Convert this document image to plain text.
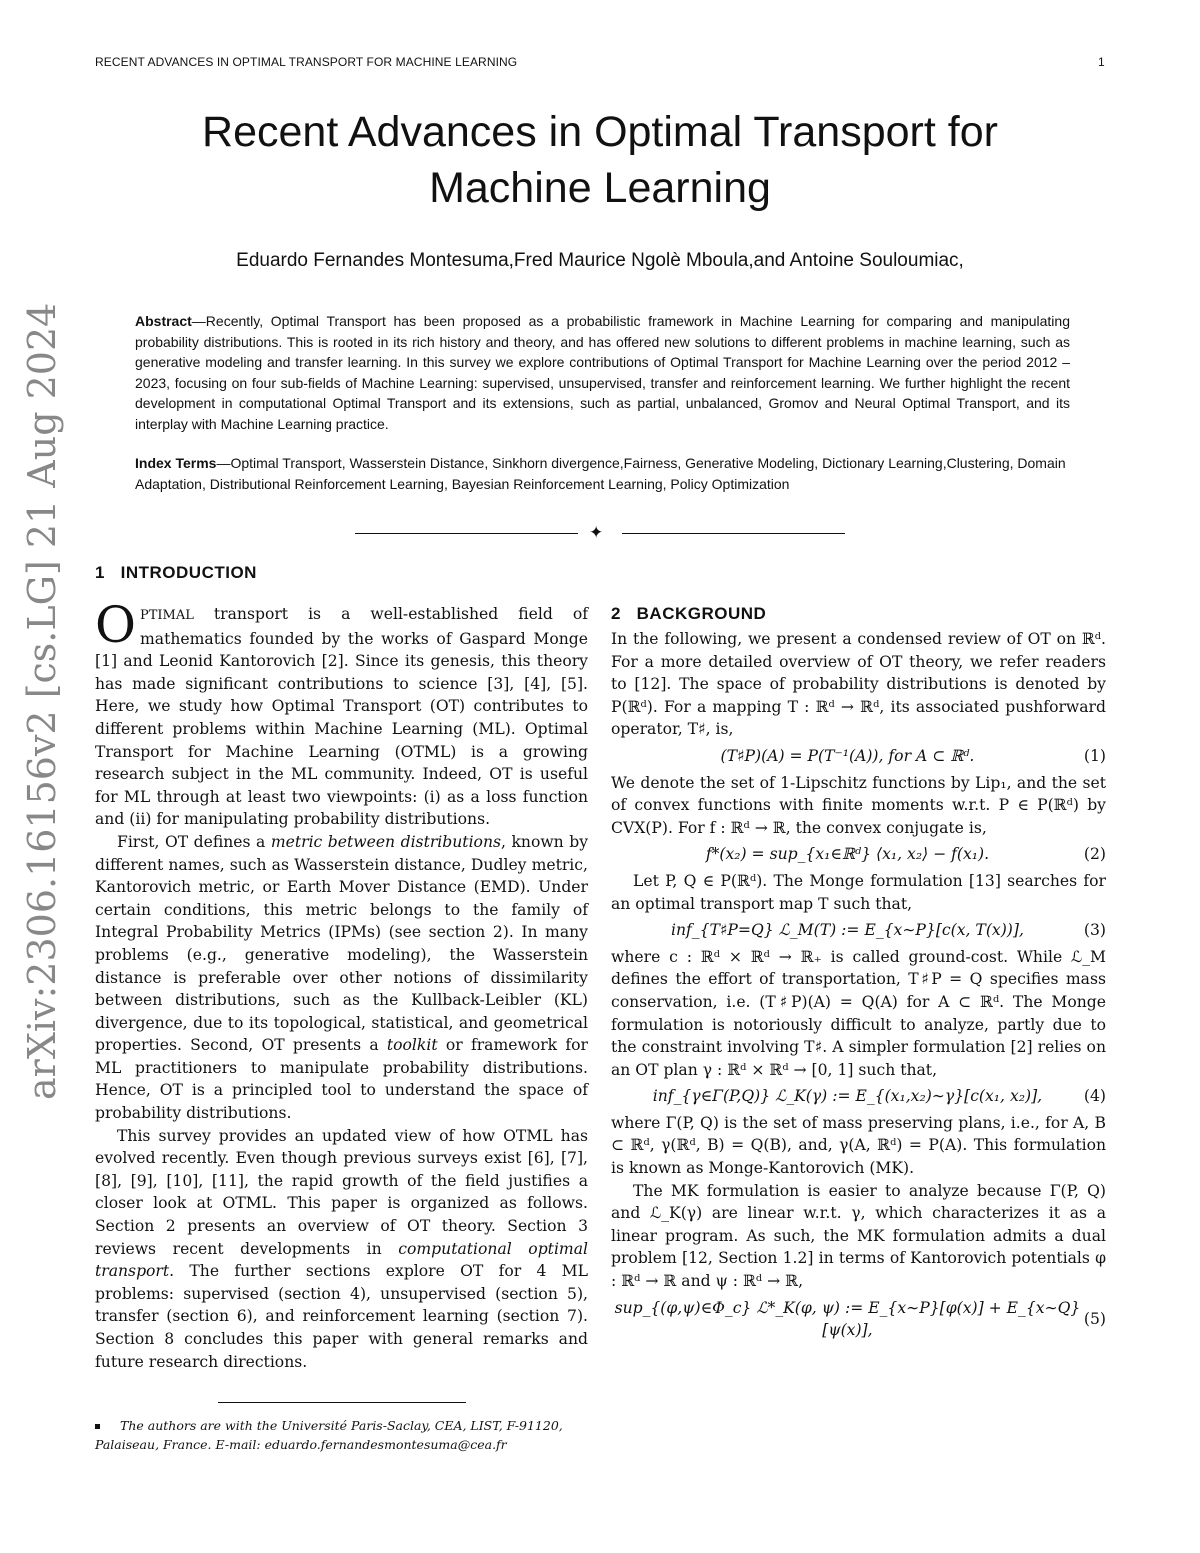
RECENT ADVANCES IN OPTIMAL TRANSPORT FOR MACHINE LEARNING	1
Recent Advances in Optimal Transport for
Machine Learning
Eduardo Fernandes Montesuma,Fred Maurice Ngolè Mboula,and Antoine Souloumiac,
Abstract—Recently, Optimal Transport has been proposed as a probabilistic framework in Machine Learning for comparing and manipulating probability distributions. This is rooted in its rich history and theory, and has offered new solutions to different problems in machine learning, such as generative modeling and transfer learning. In this survey we explore contributions of Optimal Transport for Machine Learning over the period 2012 – 2023, focusing on four sub-fields of Machine Learning: supervised, unsupervised, transfer and reinforcement learning. We further highlight the recent development in computational Optimal Transport and its extensions, such as partial, unbalanced, Gromov and Neural Optimal Transport, and its interplay with Machine Learning practice.
Index Terms—Optimal Transport, Wasserstein Distance, Sinkhorn divergence,Fairness, Generative Modeling, Dictionary Learning,Clustering, Domain Adaptation, Distributional Reinforcement Learning, Bayesian Reinforcement Learning, Policy Optimization
✦
1 INTRODUCTION

OPTIMAL transport is a well-established field of mathematics founded by the works of Gaspard Monge [1] and Leonid Kantorovich [2]. Since its genesis, this theory has made significant contributions to science [3], [4], [5]. Here, we study how Optimal Transport (OT) contributes to different problems within Machine Learning (ML). Optimal Transport for Machine Learning (OTML) is a growing research subject in the ML community. Indeed, OT is useful for ML through at least two viewpoints: (i) as a loss function and (ii) for manipulating probability distributions.

First, OT defines a metric between distributions, known by different names, such as Wasserstein distance, Dudley metric, Kantorovich metric, or Earth Mover Distance (EMD). Under certain conditions, this metric belongs to the family of Integral Probability Metrics (IPMs) (see section 2). In many problems (e.g., generative modeling), the Wasserstein distance is preferable over other notions of dissimilarity between distributions, such as the Kullback-Leibler (KL) divergence, due to its topological, statistical, and geometrical properties. Second, OT presents a toolkit or framework for ML practitioners to manipulate probability distributions. Hence, OT is a principled tool to understand the space of probability distributions.

This survey provides an updated view of how OTML has evolved recently. Even though previous surveys exist [6], [7], [8], [9], [10], [11], the rapid growth of the field justifies a closer look at OTML. This paper is organized as follows. Section 2 presents an overview of OT theory. Section 3 reviews recent developments in computational optimal transport. The further sections explore OT for 4 ML problems: supervised (section 4), unsupervised (section 5), transfer (section 6), and reinforcement learning (section 7). Section 8 concludes this paper with general remarks and future research directions.

2 BACKGROUND

In the following, we present a condensed review of OT on ℝᵈ. For a more detailed overview of OT theory, we refer readers to [12]. The space of probability distributions is denoted by P(ℝᵈ). For a mapping T : ℝᵈ → ℝᵈ, its associated pushforward operator, T♯, is,

(T♯P)(A) = P(T⁻¹(A)), for A ⊂ ℝᵈ.	(1)

We denote the set of 1-Lipschitz functions by Lip₁, and the set of convex functions with finite moments w.r.t. P ∈ P(ℝᵈ) by CVX(P). For f : ℝᵈ → ℝ, the convex conjugate is,

f*(x₂) = sup_{x₁∈ℝᵈ} ⟨x₁, x₂⟩ − f(x₁).	(2)

Let P, Q ∈ P(ℝᵈ). The Monge formulation [13] searches for an optimal transport map T such that,

inf_{T♯P=Q} ℒ_M(T) := E_{x∼P}[c(x, T(x))],	(3)

where c : ℝᵈ × ℝᵈ → ℝ₊ is called ground-cost. While ℒ_M defines the effort of transportation, T♯P = Q specifies mass conservation, i.e. (T♯P)(A) = Q(A) for A ⊂ ℝᵈ. The Monge formulation is notoriously difficult to analyze, partly due to the constraint involving T♯. A simpler formulation [2] relies on an OT plan γ : ℝᵈ × ℝᵈ → [0, 1] such that,

inf_{γ∈Γ(P,Q)} ℒ_K(γ) := E_{(x₁,x₂)∼γ}[c(x₁, x₂)],	(4)

where Γ(P, Q) is the set of mass preserving plans, i.e., for A, B ⊂ ℝᵈ, γ(ℝᵈ, B) = Q(B), and, γ(A, ℝᵈ) = P(A). This formulation is known as Monge-Kantorovich (MK).

The MK formulation is easier to analyze because Γ(P, Q) and ℒ_K(γ) are linear w.r.t. γ, which characterizes it as a linear program. As such, the MK formulation admits a dual problem [12, Section 1.2] in terms of Kantorovich potentials φ : ℝᵈ → ℝ and ψ : ℝᵈ → ℝ,

sup_{(φ,ψ)∈Φ_c} ℒ*_K(φ, ψ) := E_{x∼P}[φ(x)] + E_{x∼Q}[ψ(x)],
(5)
The authors are with the Université Paris-Saclay, CEA, LIST, F-91120, Palaiseau, France. E-mail: eduardo.fernandesmontesuma@cea.fr
arXiv:2306.16156v2 [cs.LG] 21 Aug 2024
